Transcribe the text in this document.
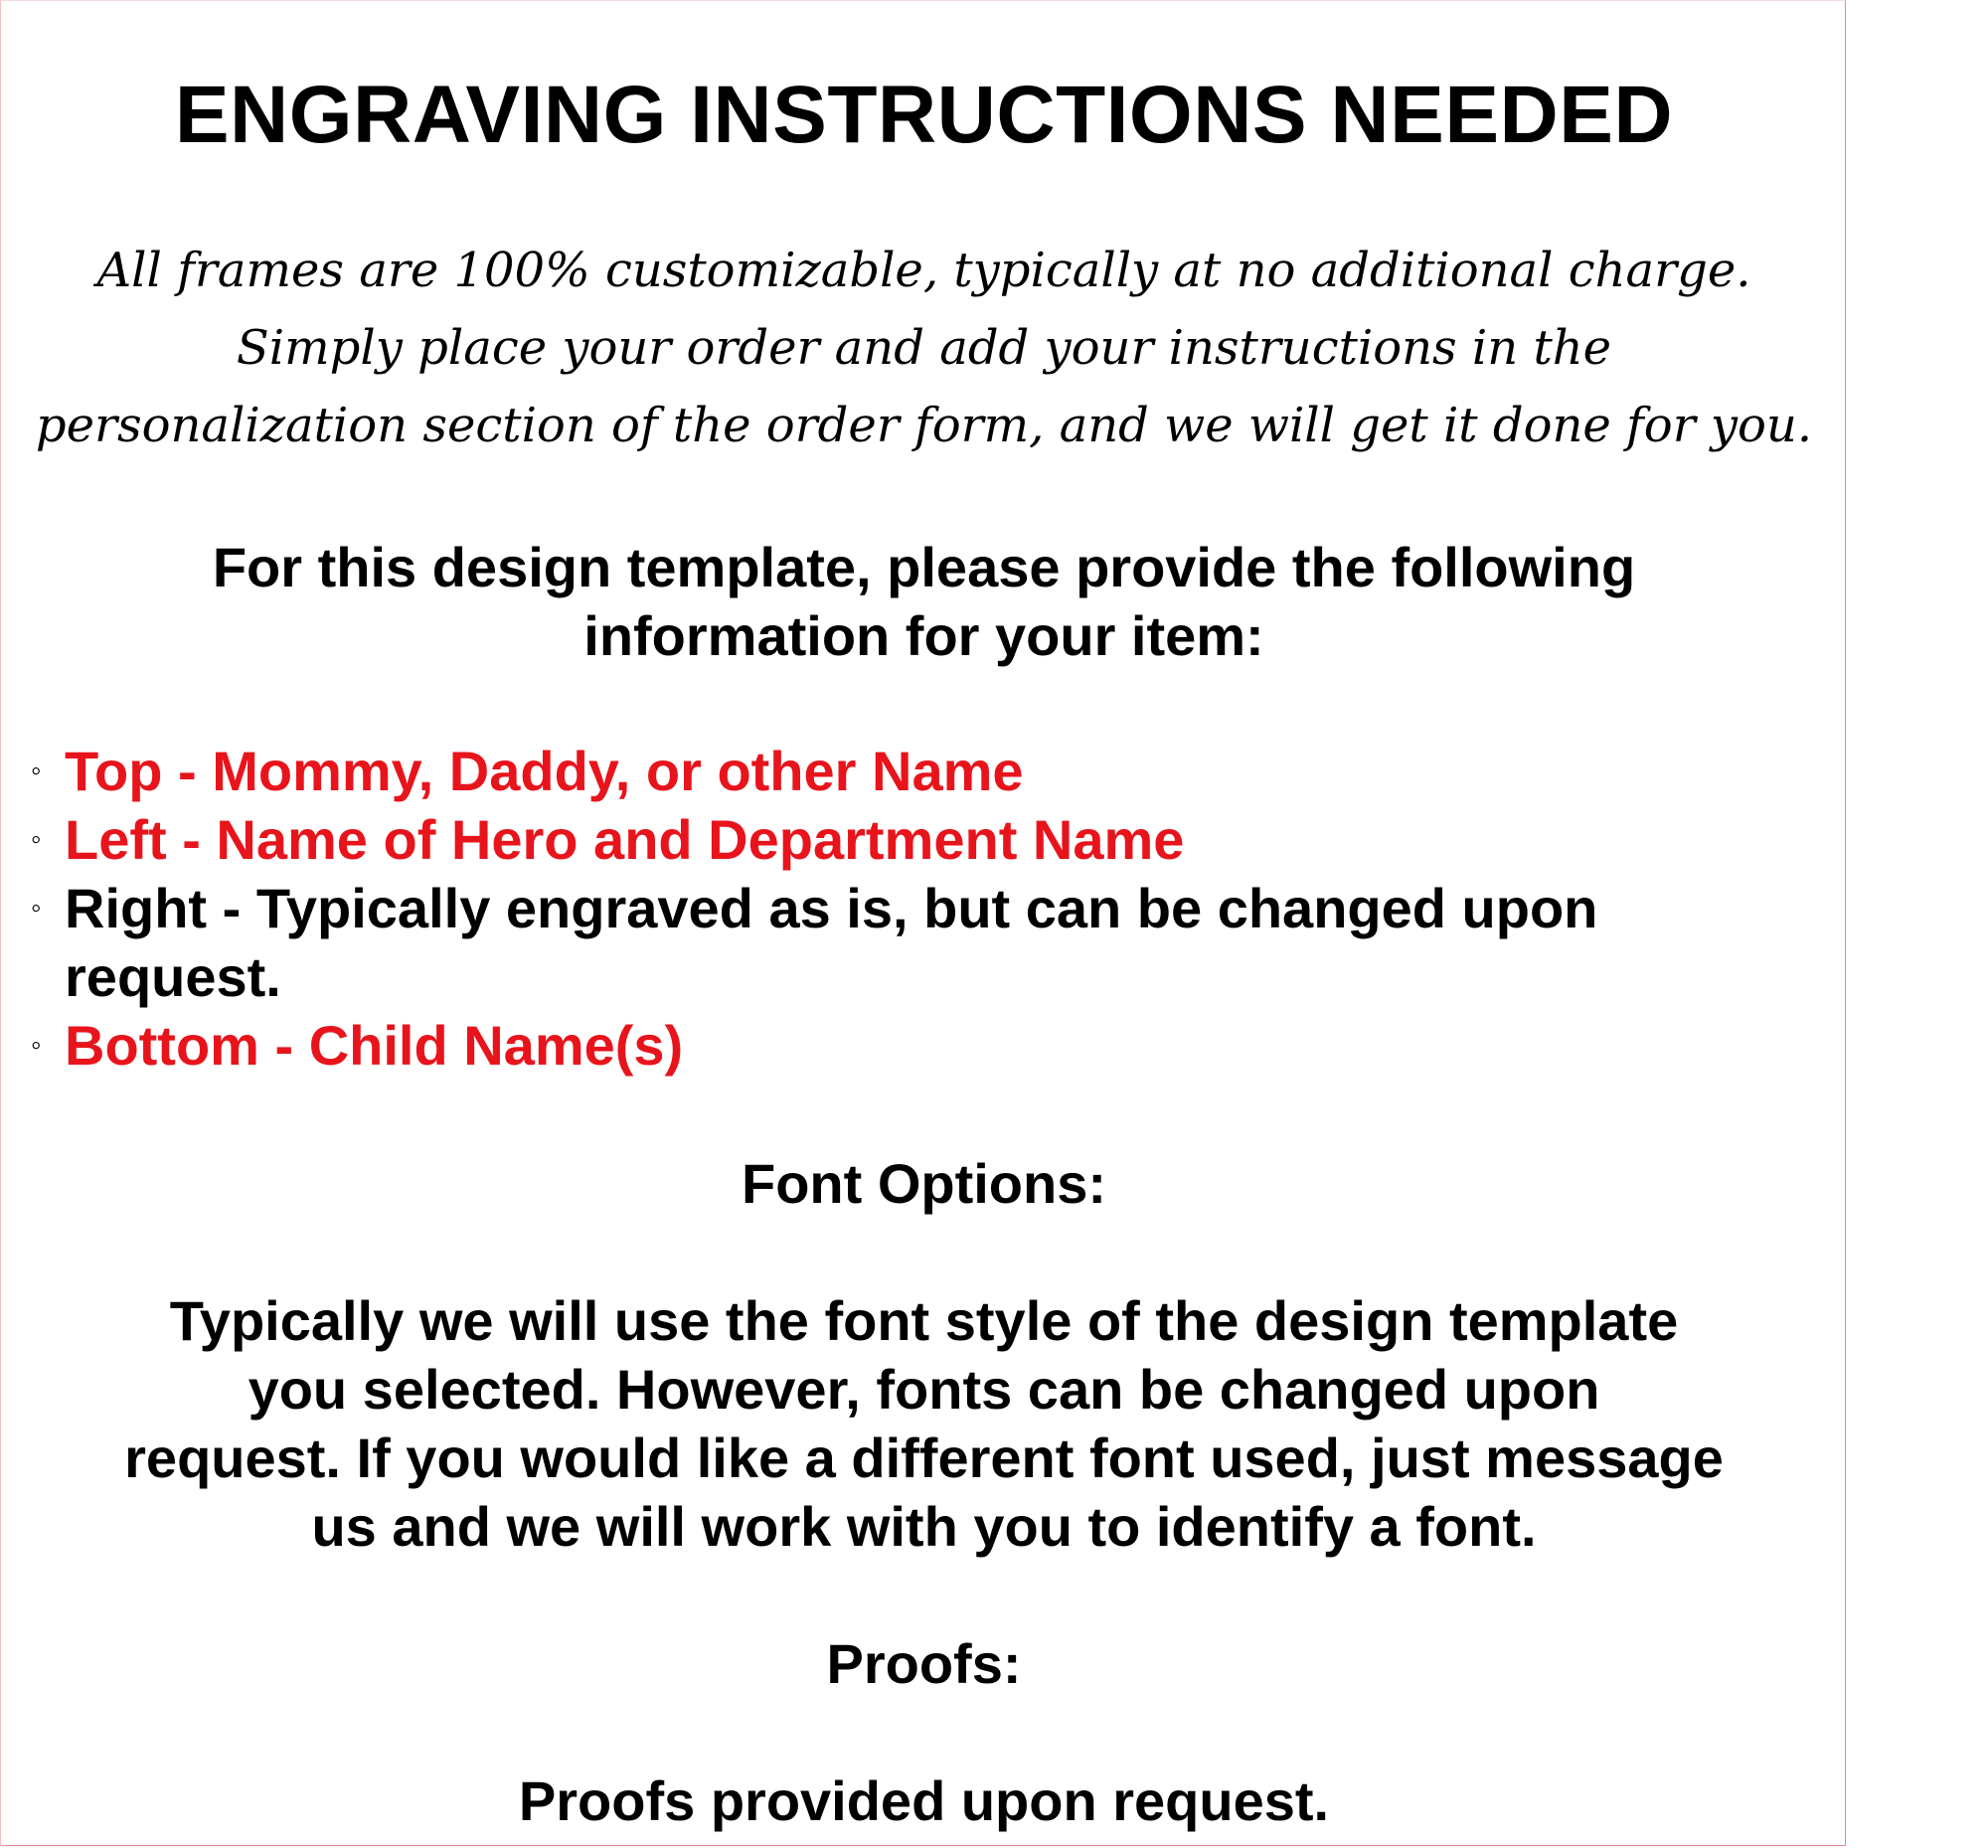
ENGRAVING INSTRUCTIONS NEEDED
All frames are 100% customizable, typically at no additional charge.
Simply place your order and add your instructions in the
personalization section of the order form, and we will get it done for you.
For this design template, please provide the following
information for your item:
◦ Top - Mommy, Daddy, or other Name
◦ Left - Name of Hero and Department Name
◦ Right - Typically engraved as is, but can be changed upon
request.
◦ Bottom - Child Name(s)
Font Options:
Typically we will use the font style of the design template
you selected. However, fonts can be changed upon
request. If you would like a different font used, just message
us and we will work with you to identify a font.
Proofs:
Proofs provided upon request.
